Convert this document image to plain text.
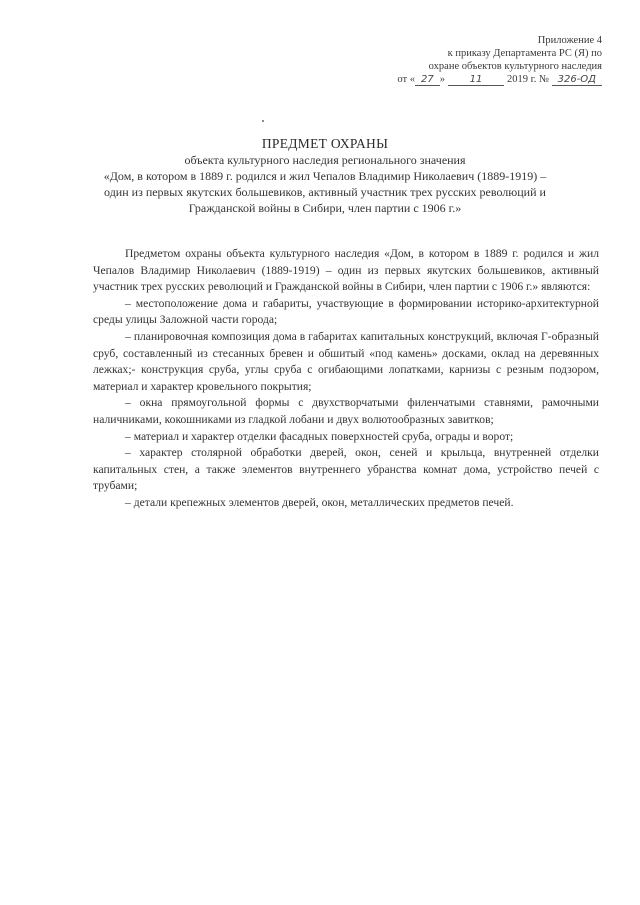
Приложение 4
к приказу Департамента РС (Я) по
охране объектов культурного наследия
от « 27 » 11 2019 г. № 326-ОД
ПРЕДМЕТ ОХРАНЫ
объекта культурного наследия регионального значения
«Дом, в котором в 1889 г. родился и жил Чепалов Владимир Николаевич (1889-1919) –
один из первых якутских большевиков, активный участник трех русских революций и
Гражданской войны в Сибири, член партии с 1906 г.»

Предметом охраны объекта культурного наследия «Дом, в котором в 1889 г. родился и жил Чепалов Владимир Николаевич (1889-1919) – один из первых якутских большевиков, активный участник трех русских революций и Гражданской войны в Сибири, член партии с 1906 г.» являются:

– местоположение дома и габариты, участвующие в формировании историко-архитектурной среды улицы Заложной части города;

– планировочная композиция дома в габаритах капитальных конструкций, включая Г-образный сруб, составленный из стесанных бревен и обшитый «под камень» досками, оклад на деревянных лежках;- конструкция сруба, углы сруба с огибающими лопатками, карнизы с резным подзором, материал и характер кровельного покрытия;

– окна прямоугольной формы с двухстворчатыми филенчатыми ставнями, рамочными наличниками, кокошниками из гладкой лобани и двух волютообразных завитков;

– материал и характер отделки фасадных поверхностей сруба, ограды и ворот;

– характер столярной обработки дверей, окон, сеней и крыльца, внутренней отделки капитальных стен, а также элементов внутреннего убранства комнат дома, устройство печей с трубами;

– детали крепежных элементов дверей, окон, металлических предметов печей.
